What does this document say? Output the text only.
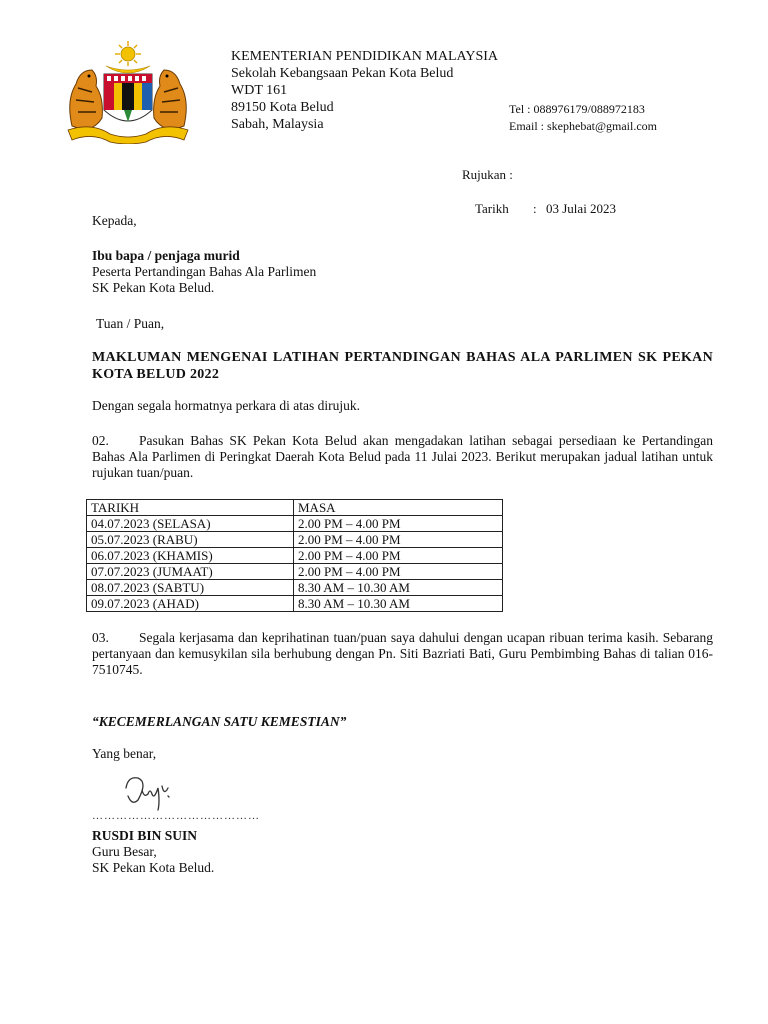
KEMENTERIAN PENDIDIKAN MALAYSIA
Sekolah Kebangsaan Pekan Kota Belud
WDT 161
89150 Kota Belud
Sabah, Malaysia
Tel : 088976179/088972183
Email : skephebat@gmail.com
Rujukan :

Tarikh : 03 Julai 2023

Kepada,
Ibu bapa / penjaga murid
Peserta Pertandingan Bahas Ala Parlimen
SK Pekan Kota Belud.
Tuan / Puan,
MAKLUMAN MENGENAI LATIHAN PERTANDINGAN BAHAS ALA PARLIMEN SK PEKAN KOTA BELUD 2022
Dengan segala hormatnya perkara di atas dirujuk.
02. Pasukan Bahas SK Pekan Kota Belud akan mengadakan latihan sebagai persediaan ke Pertandingan Bahas Ala Parlimen di Peringkat Daerah Kota Belud pada 11 Julai 2023. Berikut merupakan jadual latihan untuk rujukan tuan/puan.
TARIKH	MASA
04.07.2023 (SELASA)	2.00 PM – 4.00 PM
05.07.2023 (RABU)	2.00 PM – 4.00 PM
06.07.2023 (KHAMIS)	2.00 PM – 4.00 PM
07.07.2023 (JUMAAT)	2.00 PM – 4.00 PM
08.07.2023 (SABTU)	8.30 AM – 10.30 AM
09.07.2023 (AHAD)	8.30 AM – 10.30 AM
03. Segala kerjasama dan keprihatinan tuan/puan saya dahului dengan ucapan ribuan terima kasih. Sebarang pertanyaan dan kemusykilan sila berhubung dengan Pn. Siti Bazriati Bati, Guru Pembimbing Bahas di talian 016-7510745.
“KECEMERLANGAN SATU KEMESTIAN”
Yang benar,
……………………………………
RUSDI BIN SUIN
Guru Besar,
SK Pekan Kota Belud.
